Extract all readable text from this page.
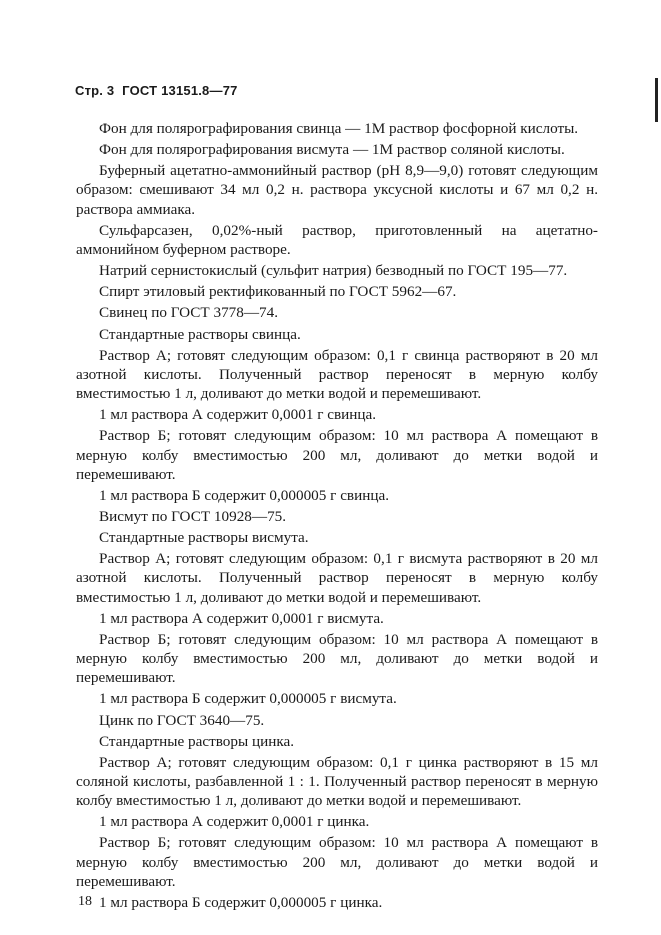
Стр. 3 ГОСТ 13151.8—77

Фон для полярографирования свинца — 1М раствор фосфорной кислоты.

Фон для полярографирования висмута — 1М раствор соляной кислоты.

Буферный ацетатно-аммонийный раствор (рН 8,9—9,0) готовят следующим образом: смешивают 34 мл 0,2 н. раствора уксусной кислоты и 67 мл 0,2 н. раствора аммиака.

Сульфарсазен, 0,02%-ный раствор, приготовленный на ацетатно-аммонийном буферном растворе.

Натрий сернистокислый (сульфит натрия) безводный по ГОСТ 195—77.

Спирт этиловый ректификованный по ГОСТ 5962—67.

Свинец по ГОСТ 3778—74.

Стандартные растворы свинца.

Раствор А; готовят следующим образом: 0,1 г свинца растворяют в 20 мл азотной кислоты. Полученный раствор переносят в мерную колбу вместимостью 1 л, доливают до метки водой и перемешивают.

1 мл раствора А содержит 0,0001 г свинца.

Раствор Б; готовят следующим образом: 10 мл раствора А помещают в мерную колбу вместимостью 200 мл, доливают до метки водой и перемешивают.

1 мл раствора Б содержит 0,000005 г свинца.

Висмут по ГОСТ 10928—75.

Стандартные растворы висмута.

Раствор А; готовят следующим образом: 0,1 г висмута растворяют в 20 мл азотной кислоты. Полученный раствор переносят в мерную колбу вместимостью 1 л, доливают до метки водой и перемешивают.

1 мл раствора А содержит 0,0001 г висмута.

Раствор Б; готовят следующим образом: 10 мл раствора А помещают в мерную колбу вместимостью 200 мл, доливают до метки водой и перемешивают.

1 мл раствора Б содержит 0,000005 г висмута.

Цинк по ГОСТ 3640—75.

Стандартные растворы цинка.

Раствор А; готовят следующим образом: 0,1 г цинка растворяют в 15 мл соляной кислоты, разбавленной 1 : 1. Полученный раствор переносят в мерную колбу вместимостью 1 л, доливают до метки водой и перемешивают.

1 мл раствора А содержит 0,0001 г цинка.

Раствор Б; готовят следующим образом: 10 мл раствора А помещают в мерную колбу вместимостью 200 мл, доливают до метки водой и перемешивают.

1 мл раствора Б содержит 0,000005 г цинка.

18
